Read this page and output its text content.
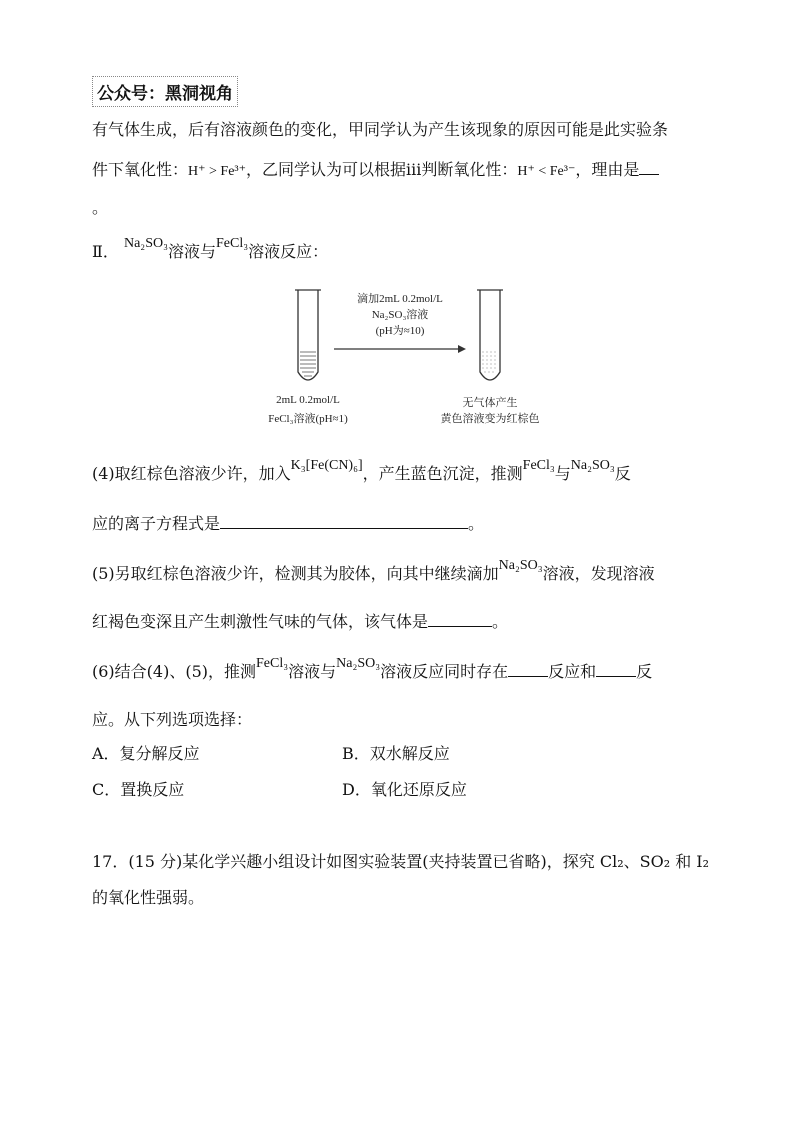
公众号：黑洞视角
有气体生成，后有溶液颜色的变化，甲同学认为产生该现象的原因可能是此实验条
件下氧化性：H⁺ > Fe³⁺，乙同学认为可以根据ⅲ判断氧化性：H⁺ < Fe³⁻，理由是
。
Ⅱ． Na₂SO₃溶液与FeCl₃溶液反应：
滴加2mL 0.2mol/L
Na₂SO₃溶液
(pH为≈10)
2mL 0.2mol/L
FeCl₃溶液(pH≈1)
无气体产生
黄色溶液变为红棕色
(4)取红棕色溶液少许，加入K₃[Fe(CN)₆]，产生蓝色沉淀，推测FeCl₃与Na₂SO₃反
应的离子方程式是	。
(5)另取红棕色溶液少许，检测其为胶体，向其中继续滴加Na₂SO₃溶液，发现溶液
红褐色变深且产生刺激性气味的气体，该气体是	。
(6)结合(4)、(5)，推测FeCl₃溶液与Na₂SO₃溶液反应同时存在	反应和	反
应。从下列选项选择：
A．复分解反应	B．双水解反应
C．置换反应	D．氧化还原反应
17．(15 分)某化学兴趣小组设计如图实验装置(夹持装置已省略)，探究 Cl₂、SO₂ 和 I₂
的氧化性强弱。
